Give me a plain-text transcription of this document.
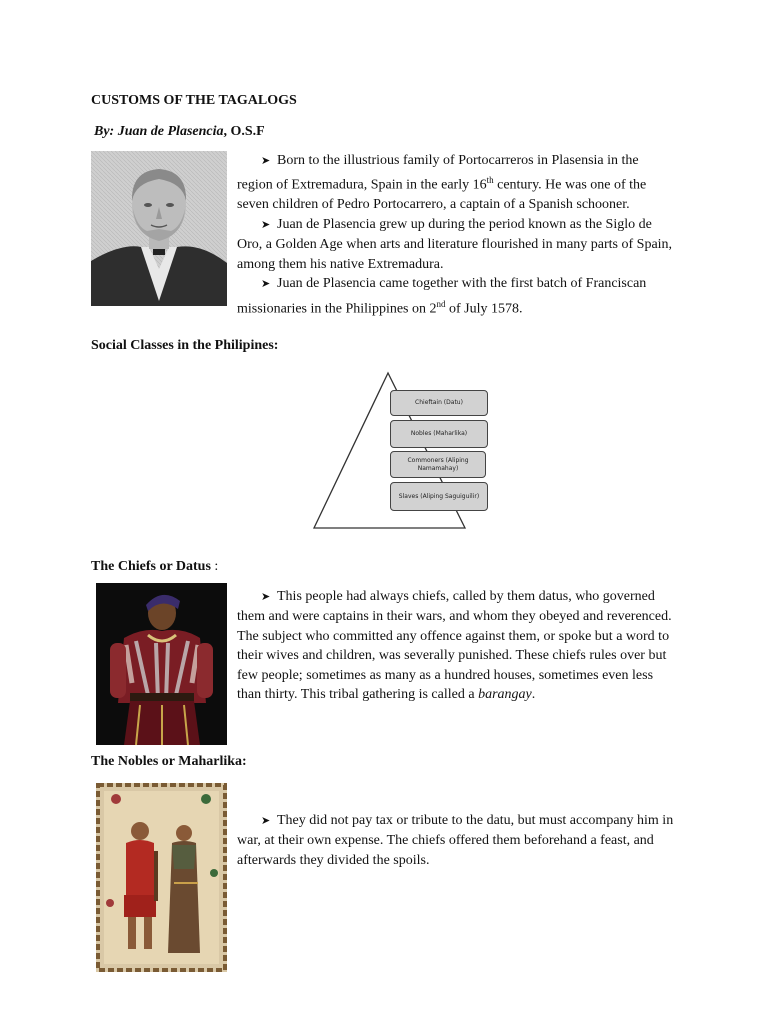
CUSTOMS OF THE TAGALOGS
By: Juan de Plasencia, O.S.F

➤ Born to the illustrious family of Portocarreros in Plasensia in the region of Extremadura, Spain in the early 16th century. He was one of the seven children of Pedro Portocarrero, a captain of a Spanish schooner.

➤ Juan de Plasencia grew up during the period known as the Siglo de Oro, a Golden Age when arts and literature flourished in many parts of Spain, among them his native Extremadura.

➤ Juan de Plasencia came together with the first batch of Franciscan missionaries in the Philippines on 2nd of July 1578.

Social Classes in the Philipines:
Chieftain (Datu)
Nobles (Maharlika)
Commoners (Aliping Namamahay)
Slaves (Aliping Saguiguilir)
The Chiefs or Datus :

➤ This people had always chiefs, called by them datus, who governed them and were captains in their wars, and whom they obeyed and reverenced. The subject who committed any offence against them, or spoke but a word to their wives and children, was severally punished. These chiefs rules over but few people; sometimes as many as a hundred houses, sometimes even less than thirty. This tribal gathering is called a barangay.

The Nobles or Maharlika:

➤ They did not pay tax or tribute to the datu, but must accompany him in war, at their own expense. The chiefs offered them beforehand a feast, and afterwards they divided the spoils.
